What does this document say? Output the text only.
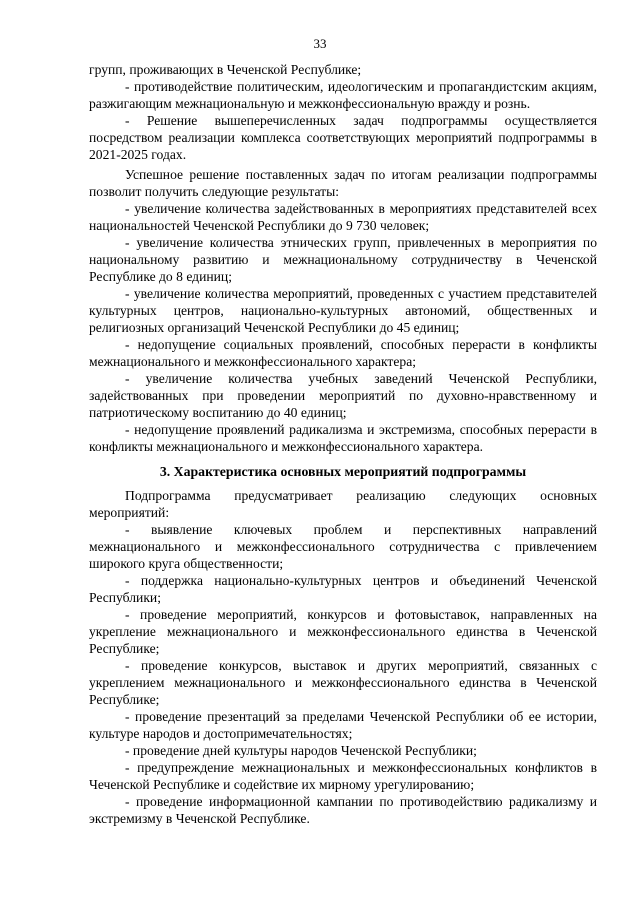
33

групп, проживающих в Чеченской Республике;

- противодействие политическим, идеологическим и пропагандистским акциям, разжигающим межнациональную и межконфессиональную вражду и рознь.

- Решение вышеперечисленных задач подпрограммы осуществляется посредством реализации комплекса соответствующих мероприятий подпрограммы в 2021-2025 годах.

Успешное решение поставленных задач по итогам реализации подпрограммы позволит получить следующие результаты:

- увеличение количества задействованных в мероприятиях представителей всех национальностей Чеченской Республики до 9 730 человек;

- увеличение количества этнических групп, привлеченных в мероприятия по национальному развитию и межнациональному сотрудничеству в Чеченской Республике до 8 единиц;

- увеличение количества мероприятий, проведенных с участием представителей культурных центров, национально-культурных автономий, общественных и религиозных организаций Чеченской Республики до 45 единиц;

- недопущение социальных проявлений, способных перерасти в конфликты межнационального и межконфессионального характера;

- увеличение количества учебных заведений Чеченской Республики, задействованных при проведении мероприятий по духовно-нравственному и патриотическому воспитанию до 40 единиц;

- недопущение проявлений радикализма и экстремизма, способных перерасти в конфликты межнационального и межконфессионального характера.

3. Характеристика основных мероприятий подпрограммы

Подпрограмма предусматривает реализацию следующих основных мероприятий:

- выявление ключевых проблем и перспективных направлений межнационального и межконфессионального сотрудничества с привлечением широкого круга общественности;

- поддержка национально-культурных центров и объединений Чеченской Республики;

- проведение мероприятий, конкурсов и фотовыставок, направленных на укрепление межнационального и межконфессионального единства в Чеченской Республике;

- проведение конкурсов, выставок и других мероприятий, связанных с укреплением межнационального и межконфессионального единства в Чеченской Республике;

- проведение презентаций за пределами Чеченской Республики об ее истории, культуре народов и достопримечательностях;

- проведение дней культуры народов Чеченской Республики;

- предупреждение межнациональных и межконфессиональных конфликтов в Чеченской Республике и содействие их мирному урегулированию;

- проведение информационной кампании по противодействию радикализму и экстремизму в Чеченской Республике.
